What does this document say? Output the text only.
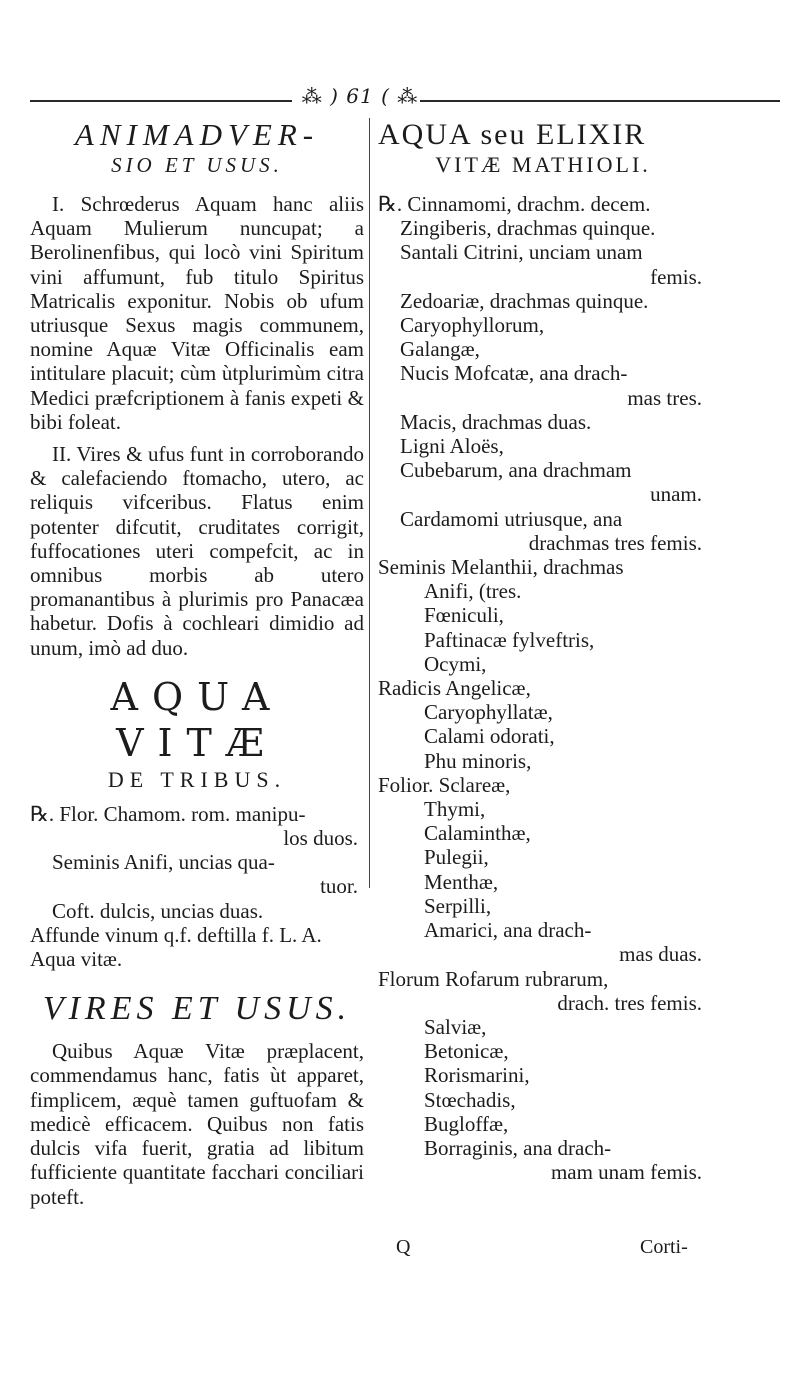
⁂ ) 61 ( ⁂

ANIMADVER-

SIO ET USUS.

I. Schrœderus Aquam hanc aliis Aquam Mulierum nuncupat; a Berolinenfibus, qui locò vini Spiritum vini affumunt, fub titulo Spiritus Matricalis exponitur. Nobis ob ufum utriusque Sexus magis communem, nomine Aquæ Vitæ Officinalis eam intitulare placuit; cùm ùtplurimùm citra Medici præfcriptionem à fanis expeti & bibi foleat.

II. Vires & ufus funt in corroborando & calefaciendo ftomacho, utero, ac reliquis vifceribus. Flatus enim potenter difcutit, cruditates corrigit, fuffocationes uteri compefcit, ac in omnibus morbis ab utero promanantibus à plurimis pro Panacæa habetur. Dofis à cochleari dimidio ad unum, imò ad duo.

AQUA VITÆ

DE TRIBUS.

℞. Flor. Chamom. rom. manipu-
los duos.
Seminis Anifi, uncias qua-
tuor.
Coft. dulcis, uncias duas.
Affunde vinum q.f. deftilla f. L. A.
Aqua vitæ.

VIRES ET USUS.

Quibus Aquæ Vitæ præplacent, commendamus hanc, fatis ùt apparet, fimplicem, æquè tamen guftuofam & medicè efficacem. Quibus non fatis dulcis vifa fuerit, gratia ad libitum fufficiente quantitate facchari conciliari poteft.

AQUA seu ELIXIR

VITÆ MATHIOLI.

℞. Cinnamomi, drachm. decem.
Zingiberis, drachmas quinque.
Santali Citrini, unciam unam
femis.
Zedoariæ, drachmas quinque.
Caryophyllorum,
Galangæ,
Nucis Mofcatæ, ana drach-
mas tres.
Macis, drachmas duas.
Ligni Aloës,
Cubebarum, ana drachmam
unam.
Cardamomi utriusque, ana
drachmas tres femis.
Seminis Melanthii, drachmas
Anifi, (tres.
Fœniculi,
Paftinacæ fylveftris,
Ocymi,
Radicis Angelicæ,
Caryophyllatæ,
Calami odorati,
Phu minoris,
Folior. Sclareæ,
Thymi,
Calaminthæ,
Pulegii,
Menthæ,
Serpilli,
Amarici, ana drach-
mas duas.
Florum Rofarum rubrarum,
drach. tres femis.
Salviæ,
Betonicæ,
Rorismarini,
Stœchadis,
Bugloffæ,
Borraginis, ana drach-
mam unam femis.
Q	Corti-
